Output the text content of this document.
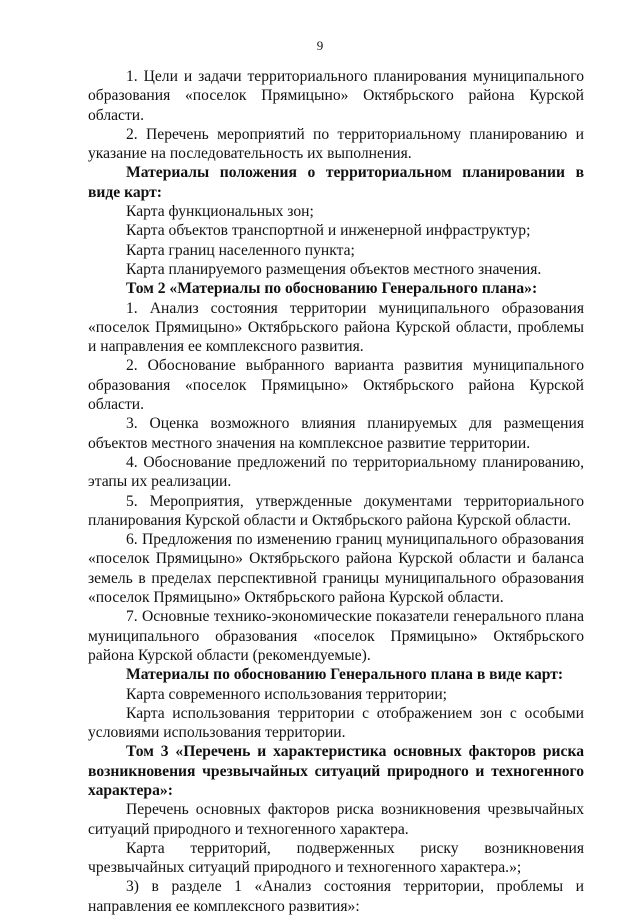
9

1. Цели и задачи территориального планирования муниципального образования «поселок Прямицыно» Октябрьского района Курской области.

2. Перечень мероприятий по территориальному планированию и указание на последовательность их выполнения.

Материалы положения о территориальном планировании в виде карт:

Карта функциональных зон;

Карта объектов транспортной и инженерной инфраструктур;

Карта границ населенного пункта;

Карта планируемого размещения объектов местного значения.

Том 2 «Материалы по обоснованию Генерального плана»:

1. Анализ состояния территории муниципального образования «поселок Прямицыно» Октябрьского района Курской области, проблемы и направления ее комплексного развития.

2. Обоснование выбранного варианта развития муниципального образования «поселок Прямицыно» Октябрьского района Курской области.

3. Оценка возможного влияния планируемых для размещения объектов местного значения на комплексное развитие территории.

4. Обоснование предложений по территориальному планированию, этапы их реализации.

5. Мероприятия, утвержденные документами территориального планирования Курской области и Октябрьского района Курской области.

6. Предложения по изменению границ муниципального образования «поселок Прямицыно» Октябрьского района Курской области и баланса земель в пределах перспективной границы муниципального образования «поселок Прямицыно» Октябрьского района Курской области.

7. Основные технико-экономические показатели генерального плана муниципального образования «поселок Прямицыно» Октябрьского района Курской области (рекомендуемые).

Материалы по обоснованию Генерального плана в виде карт:

Карта современного использования территории;

Карта использования территории с отображением зон с особыми условиями использования территории.

Том 3 «Перечень и характеристика основных факторов риска возникновения чрезвычайных ситуаций природного и техногенного характера»:

Перечень основных факторов риска возникновения чрезвычайных ситуаций природного и техногенного характера.

Карта территорий, подверженных риску возникновения чрезвычайных ситуаций природного и техногенного характера.»;

3) в разделе 1 «Анализ состояния территории, проблемы и направления ее комплексного развития»:
